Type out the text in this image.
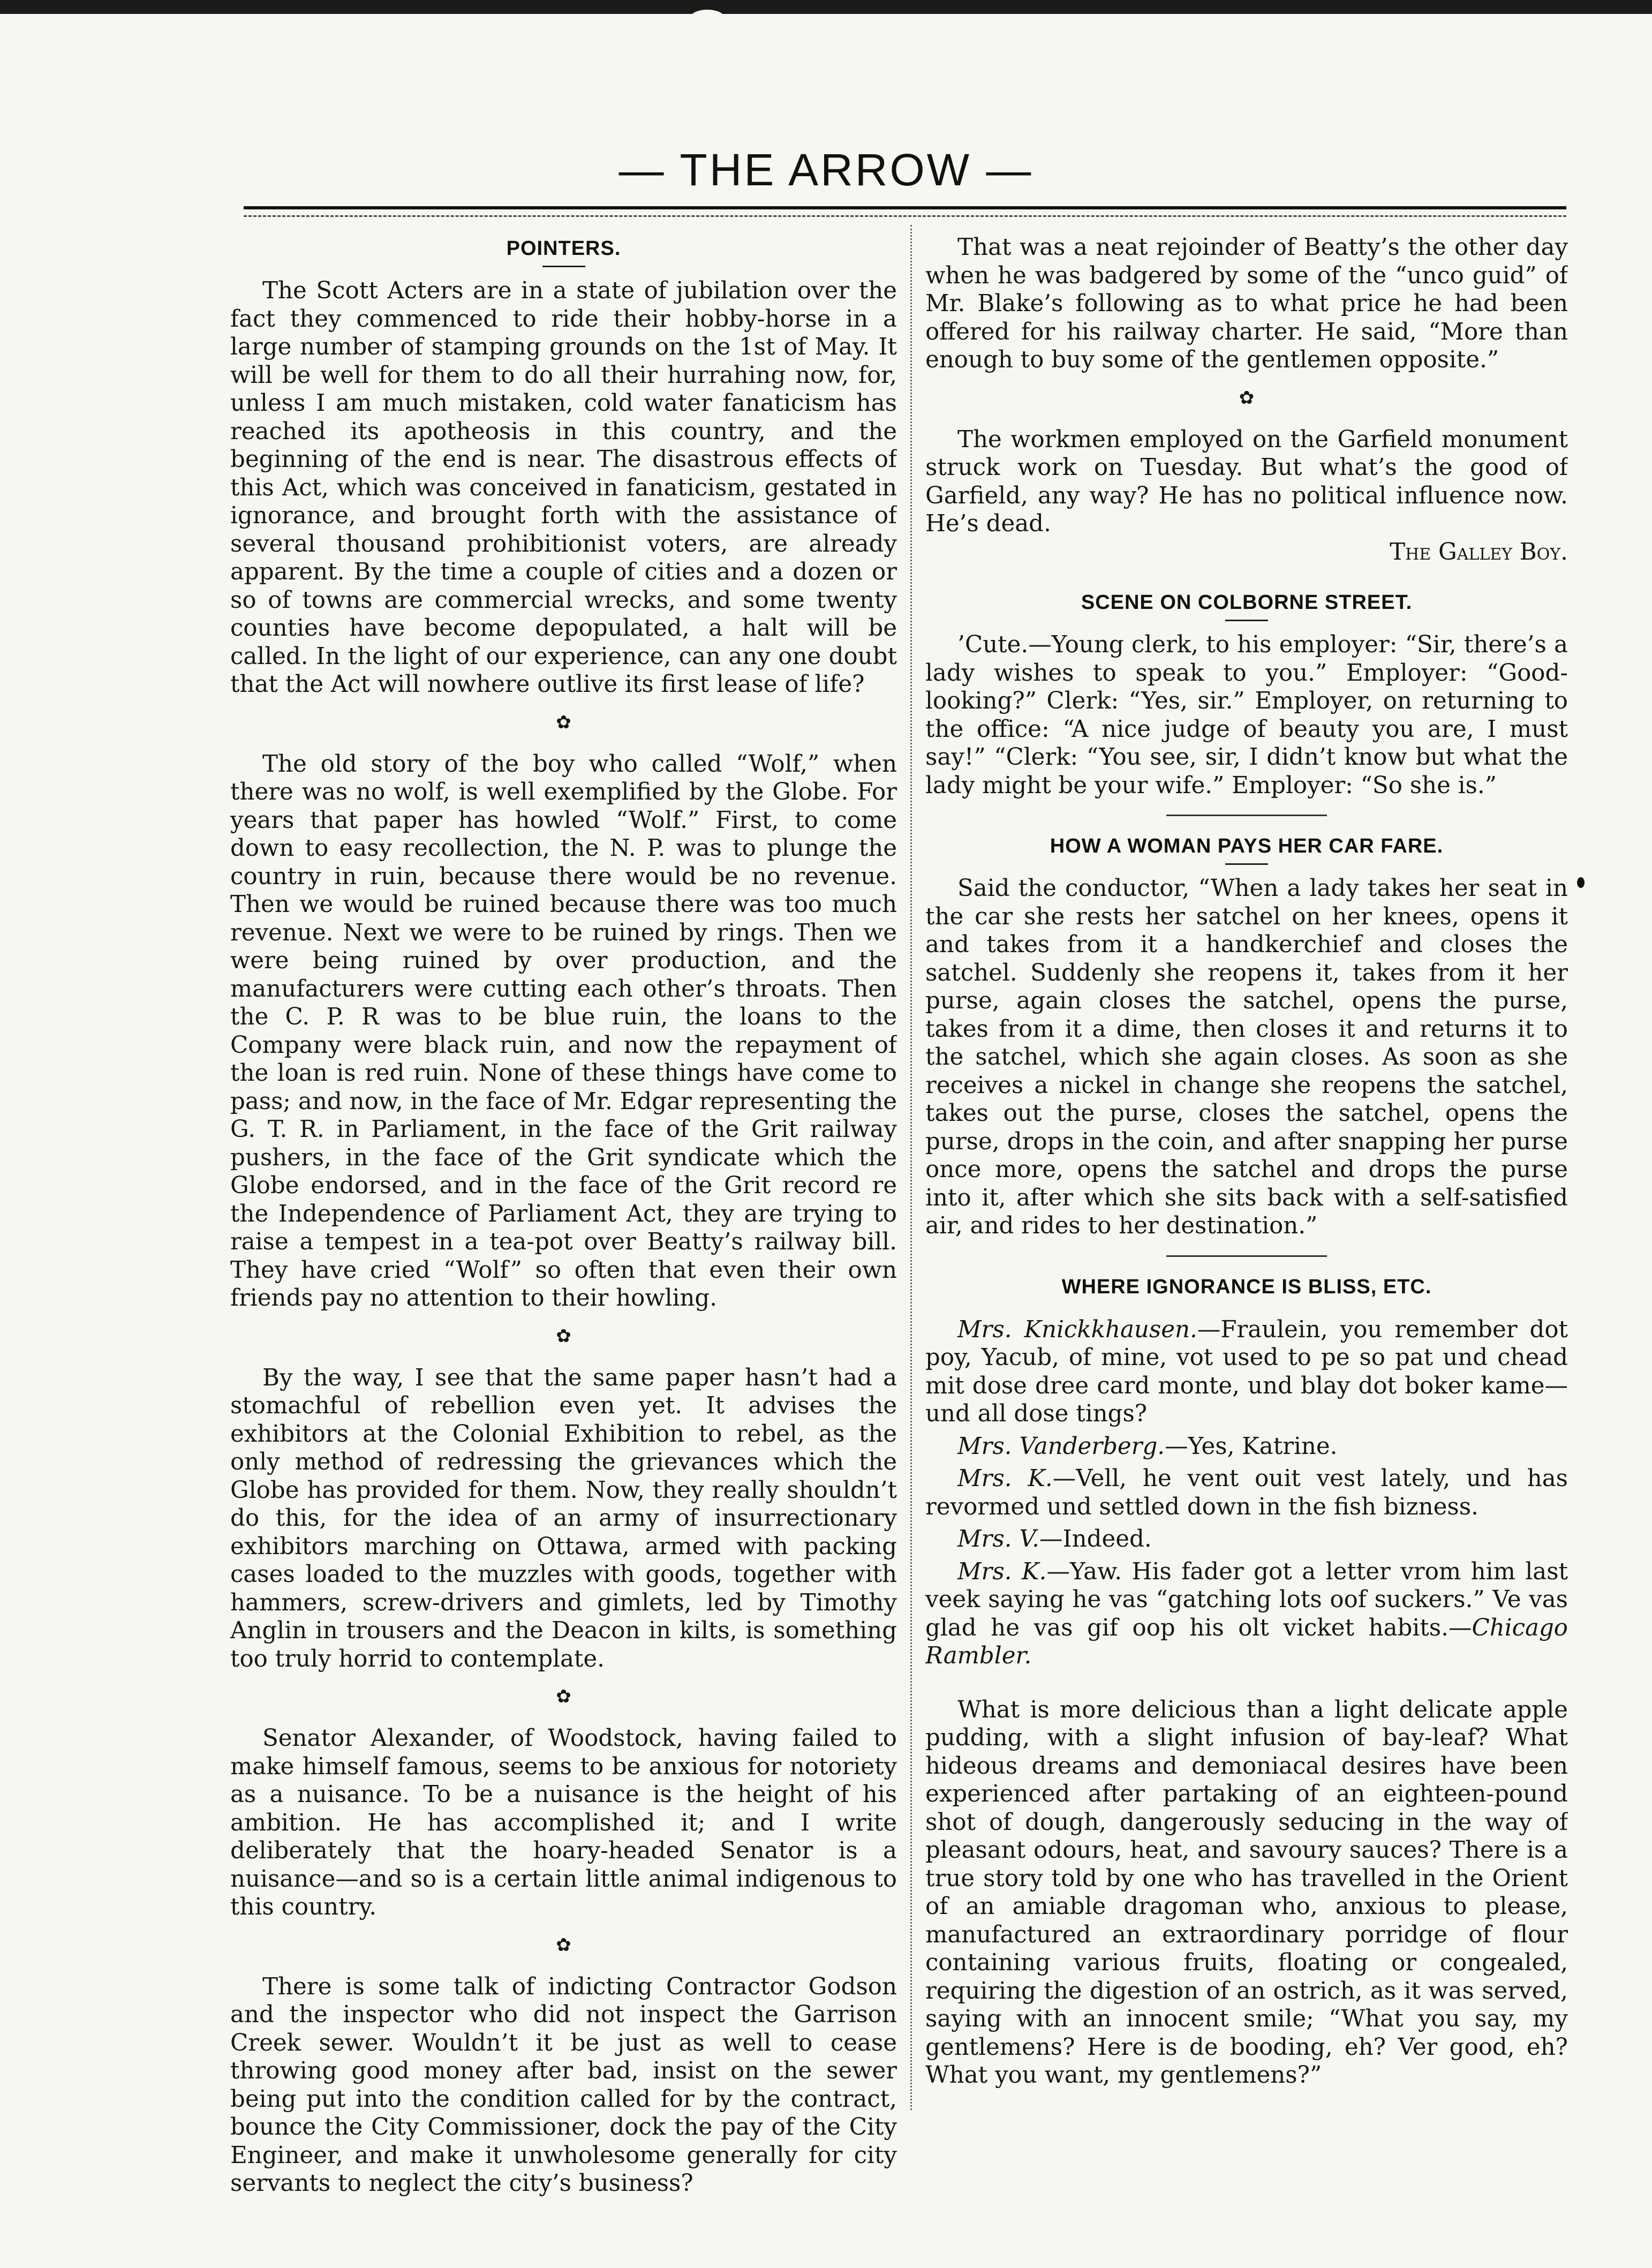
— THE ARROW —
POINTERS.

The Scott Acters are in a state of jubilation over the fact they commenced to ride their hobby-horse in a large number of stamping grounds on the 1st of May. It will be well for them to do all their hurrahing now, for, unless I am much mistaken, cold water fanaticism has reached its apotheosis in this country, and the beginning of the end is near. The disastrous effects of this Act, which was conceived in fanaticism, gestated in ignorance, and brought forth with the assistance of several thousand prohibitionist voters, are already apparent. By the time a couple of cities and a dozen or so of towns are commercial wrecks, and some twenty counties have become depopulated, a halt will be called. In the light of our experience, can any one doubt that the Act will nowhere outlive its first lease of life?

✿

The old story of the boy who called “Wolf,” when there was no wolf, is well exemplified by the Globe. For years that paper has howled “Wolf.” First, to come down to easy recollection, the N. P. was to plunge the country in ruin, because there would be no revenue. Then we would be ruined because there was too much revenue. Next we were to be ruined by rings. Then we were being ruined by over production, and the manufacturers were cutting each other’s throats. Then the C. P. R was to be blue ruin, the loans to the Company were black ruin, and now the repayment of the loan is red ruin. None of these things have come to pass; and now, in the face of Mr. Edgar representing the G. T. R. in Parliament, in the face of the Grit railway pushers, in the face of the Grit syndicate which the Globe endorsed, and in the face of the Grit record re the Independence of Parliament Act, they are trying to raise a tempest in a tea-pot over Beatty’s railway bill. They have cried “Wolf” so often that even their own friends pay no attention to their howling.

✿

By the way, I see that the same paper hasn’t had a stomachful of rebellion even yet. It advises the exhibitors at the Colonial Exhibition to rebel, as the only method of redressing the grievances which the Globe has provided for them. Now, they really shouldn’t do this, for the idea of an army of insurrectionary exhibitors marching on Ottawa, armed with packing cases loaded to the muzzles with goods, together with hammers, screw-drivers and gimlets, led by Timothy Anglin in trousers and the Deacon in kilts, is something too truly horrid to contemplate.

✿

Senator Alexander, of Woodstock, having failed to make himself famous, seems to be anxious for notoriety as a nuisance. To be a nuisance is the height of his ambition. He has accomplished it; and I write deliberately that the hoary-headed Senator is a nuisance—and so is a certain little animal indigenous to this country.

✿

There is some talk of indicting Contractor Godson and the inspector who did not inspect the Garrison Creek sewer. Wouldn’t it be just as well to cease throwing good money after bad, insist on the sewer being put into the condition called for by the contract, bounce the City Commissioner, dock the pay of the City Engineer, and make it unwholesome generally for city servants to neglect the city’s business?

That was a neat rejoinder of Beatty’s the other day when he was badgered by some of the “unco guid” of Mr. Blake’s following as to what price he had been offered for his railway charter. He said, “More than enough to buy some of the gentlemen opposite.”

✿

The workmen employed on the Garfield monument struck work on Tuesday. But what’s the good of Garfield, any way? He has no political influence now. He’s dead.

The Galley Boy.
SCENE ON COLBORNE STREET.

’Cute.—Young clerk, to his employer: “Sir, there’s a lady wishes to speak to you.” Employer: “Good-looking?” Clerk: “Yes, sir.” Employer, on returning to the office: “A nice judge of beauty you are, I must say!” “Clerk: “You see, sir, I didn’t know but what the lady might be your wife.” Employer: “So she is.”

HOW A WOMAN PAYS HER CAR FARE.

Said the conductor, “When a lady takes her seat in the car she rests her satchel on her knees, opens it and takes from it a handkerchief and closes the satchel. Suddenly she reopens it, takes from it her purse, again closes the satchel, opens the purse, takes from it a dime, then closes it and returns it to the satchel, which she again closes. As soon as she receives a nickel in change she reopens the satchel, takes out the purse, closes the satchel, opens the purse, drops in the coin, and after snapping her purse once more, opens the satchel and drops the purse into it, after which she sits back with a self-satisfied air, and rides to her destination.”

WHERE IGNORANCE IS BLISS, ETC.

Mrs. Knickkhausen.—Fraulein, you remember dot poy, Yacub, of mine, vot used to pe so pat und chead mit dose dree card monte, und blay dot boker kame—und all dose tings?

Mrs. Vanderberg.—Yes, Katrine.

Mrs. K.—Vell, he vent ouit vest lately, und has revormed und settled down in the fish bizness.

Mrs. V.—Indeed.

Mrs. K.—Yaw. His fader got a letter vrom him last veek saying he vas “gatching lots oof suckers.” Ve vas glad he vas gif oop his olt vicket habits.—Chicago Rambler.

What is more delicious than a light delicate apple pudding, with a slight infusion of bay-leaf? What hideous dreams and demoniacal desires have been experienced after partaking of an eighteen-pound shot of dough, dangerously seducing in the way of pleasant odours, heat, and savoury sauces? There is a true story told by one who has travelled in the Orient of an amiable dragoman who, anxious to please, manufactured an extraordinary porridge of flour containing various fruits, floating or congealed, requiring the digestion of an ostrich, as it was served, saying with an innocent smile; “What you say, my gentlemens? Here is de booding, eh? Ver good, eh? What you want, my gentlemens?”
